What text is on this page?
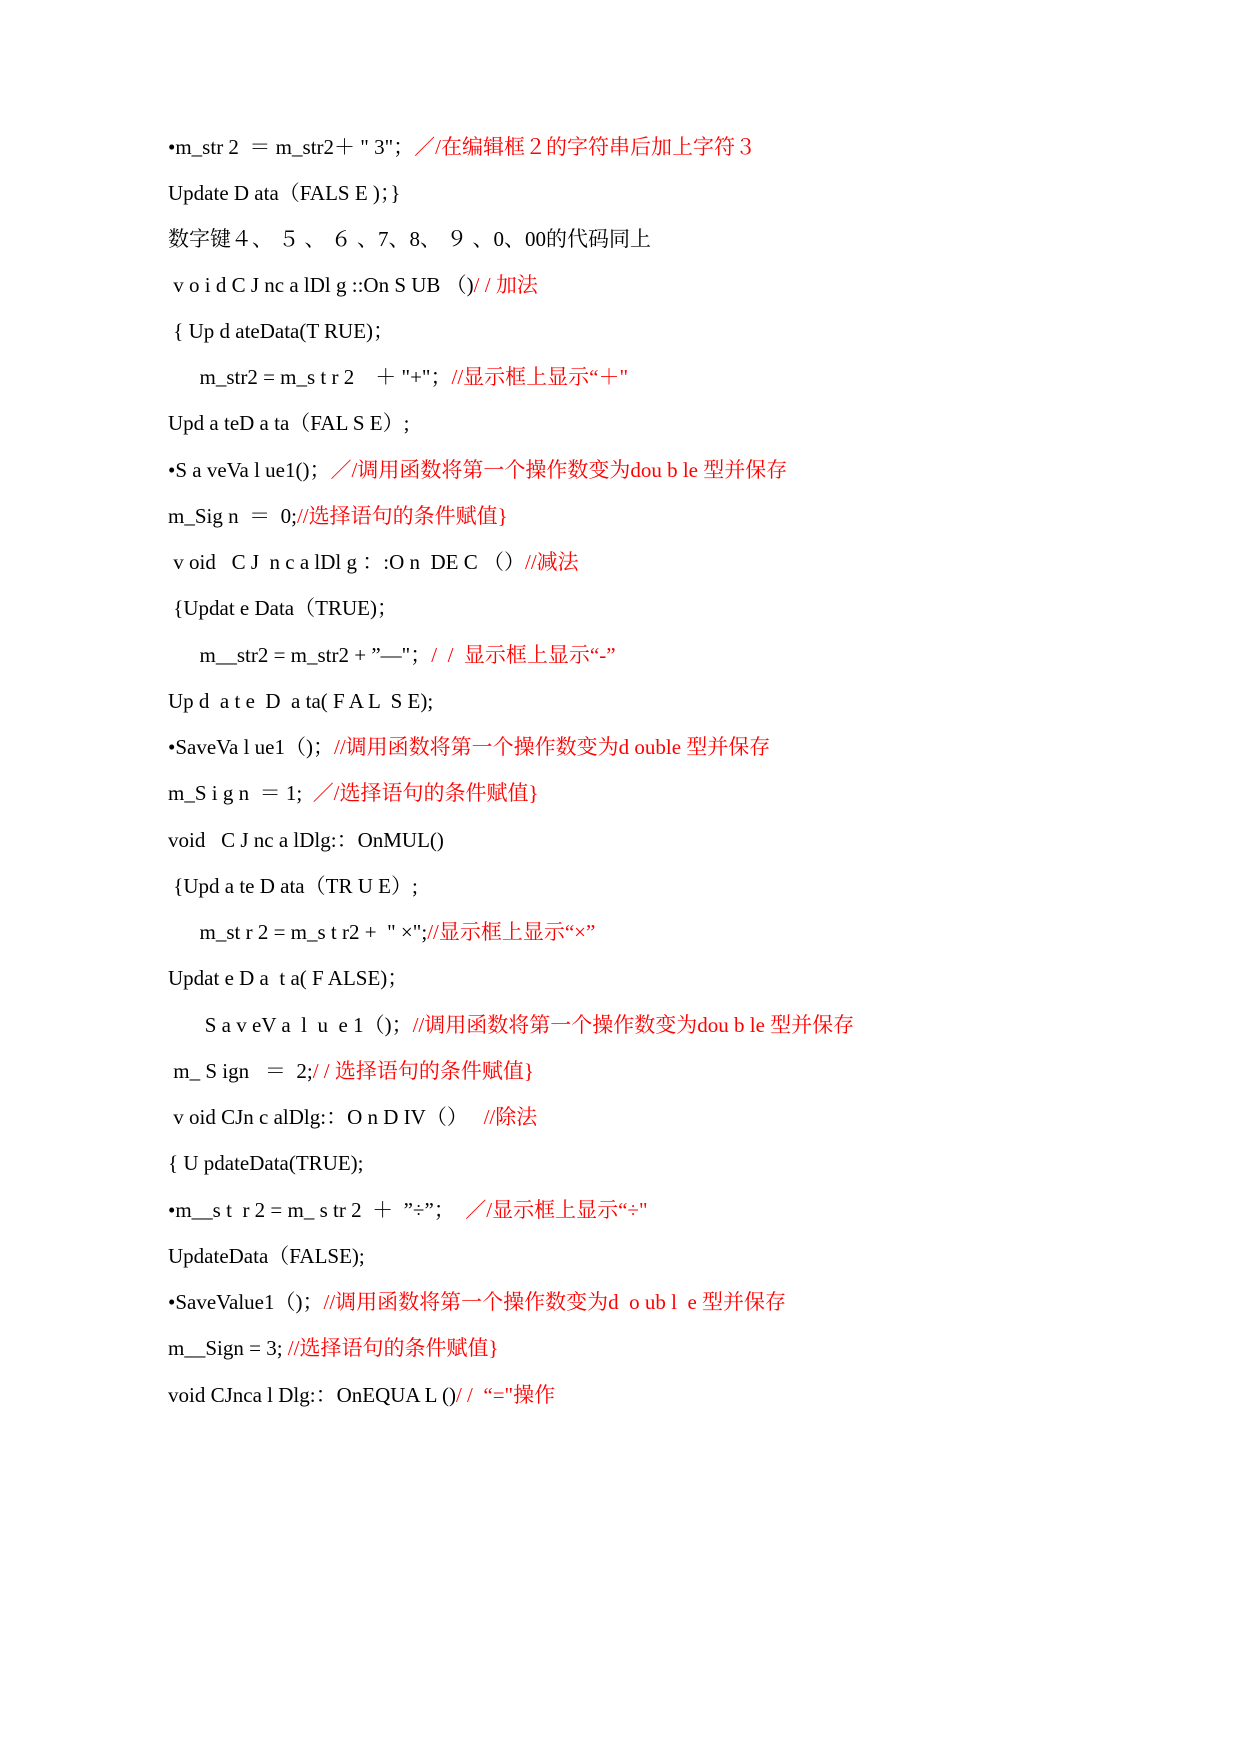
•m_str 2  ＝ m_str2＋ " 3"；／/在编辑框２的字符串后加上字符３
Update D ata（FALS E )；}
数字键４、 ５ 、 ６ 、7、8、 ９ 、0、00的代码同上
v o i d C J nc a lDl g ::On S UB （)/ / 加法
{ Up d ateData(T RUE)；
m_str2 = m_s t r 2    ＋ "+"；//显示框上显示“＋"
Upd a teD a ta（FAL S E）;
•S a veVa l ue1()；／/调用函数将第一个操作数变为dou b le 型并保存
m_Sig n  ＝  0;//选择语句的条件赋值}
v oid   C J  n c a lDl g ：:O n  DE C （）//减法
{Updat e Data（TRUE)；
m__str2 = m_str2 + ”—"；/  /  显示框上显示“-”
Up d  a t e  D  a ta( F A L  S E);
•SaveVa l ue1（)；//调用函数将第一个操作数变为d ouble 型并保存
m_S i g n  ＝ 1;  ／/选择语句的条件赋值}
void   C J nc a lDlg:：OnMUL()
{Upd a te D ata（TR U E）;
m_st r 2 = m_s t r2 +  " ×";//显示框上显示“×”
Updat e D a  t a( F ALSE)；
S a v eV a  l  u  e 1（)；//调用函数将第一个操作数变为dou b le 型并保存
m_ S ign   ＝  2;/ / 选择语句的条件赋值}
v oid CJn c alDlg:：O n D IV（）   //除法
{ U pdateData(TRUE);
•m__s t  r 2 = m_ s tr 2  ＋  ”÷”；  ／/显示框上显示“÷"
UpdateData（FALSE);
•SaveValue1（)；//调用函数将第一个操作数变为d  o ub l  e 型并保存
m__Sign = 3; //选择语句的条件赋值}
void CJnca l Dlg:：OnEQUA L ()/ /  “="操作
